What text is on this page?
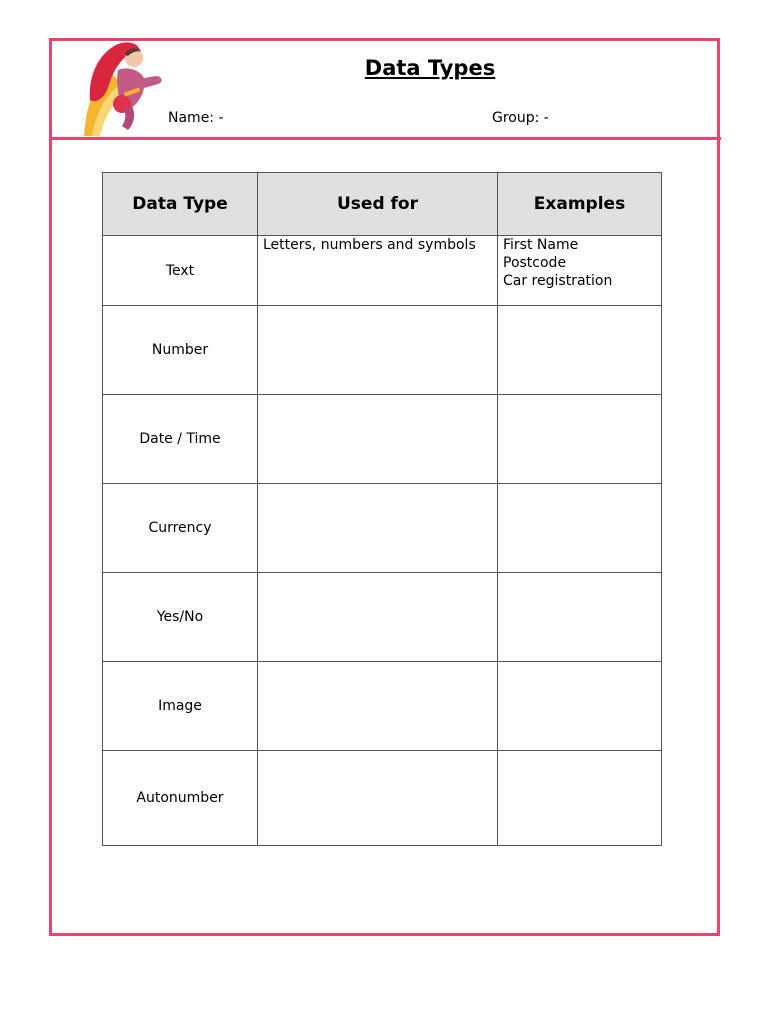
Data Types
Name: -	Group: -
Data Type	Used for	Examples
Text	Letters, numbers and symbols	First Name
Postcode
Car registration

Number		
Date / Time		
Currency		
Yes/No		
Image		
Autonumber		
